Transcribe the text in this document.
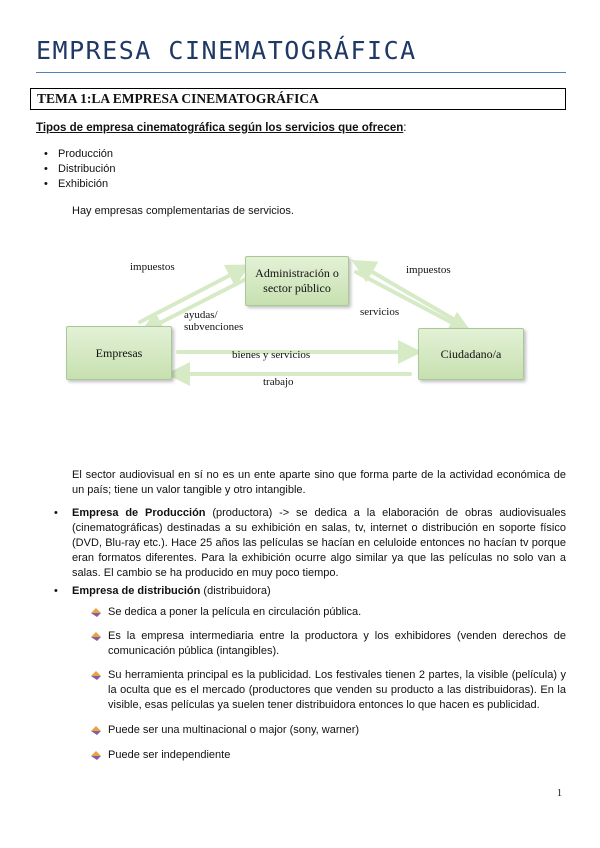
EMPRESA CINEMATOGRÁFICA
TEMA 1:LA EMPRESA CINEMATOGRÁFICA
Tipos de empresa cinematográfica según los servicios que ofrecen:
• Producción
• Distribución
• Exhibición
Hay empresas complementarias de servicios.
Administración o
sector público
Empresas	Ciudadano/a
impuestos	impuestos
ayudas/
subvenciones
servicios
bienes y servicios
trabajo
El sector audiovisual en sí no es un ente aparte sino que forma parte de la actividad económica de un país; tiene un valor tangible y otro intangible.
• Empresa de Producción (productora) -> se dedica a la elaboración de obras audiovisuales (cinematográficas) destinadas a su exhibición en salas, tv, internet o distribución en soporte físico (DVD, Blu-ray etc.). Hace 25 años las películas se hacían en celuloide entonces no hacían tv porque eran formatos diferentes. Para la exhibición ocurre algo similar ya que las películas no solo van a salas. El cambio se ha producido en muy poco tiempo.
• Empresa de distribución (distribuidora)
Se dedica a poner la película en circulación pública.
Es la empresa intermediaria entre la productora y los exhibidores (venden derechos de comunicación pública (intangibles).
Su herramienta principal es la publicidad. Los festivales tienen 2 partes, la visible (película) y la oculta que es el mercado (productores que venden su producto a las distribuidoras). En la visible, esas películas ya suelen tener distribuidora entonces lo que hacen es publicidad.
Puede ser una multinacional o major (sony, warner)
Puede ser independiente
1
